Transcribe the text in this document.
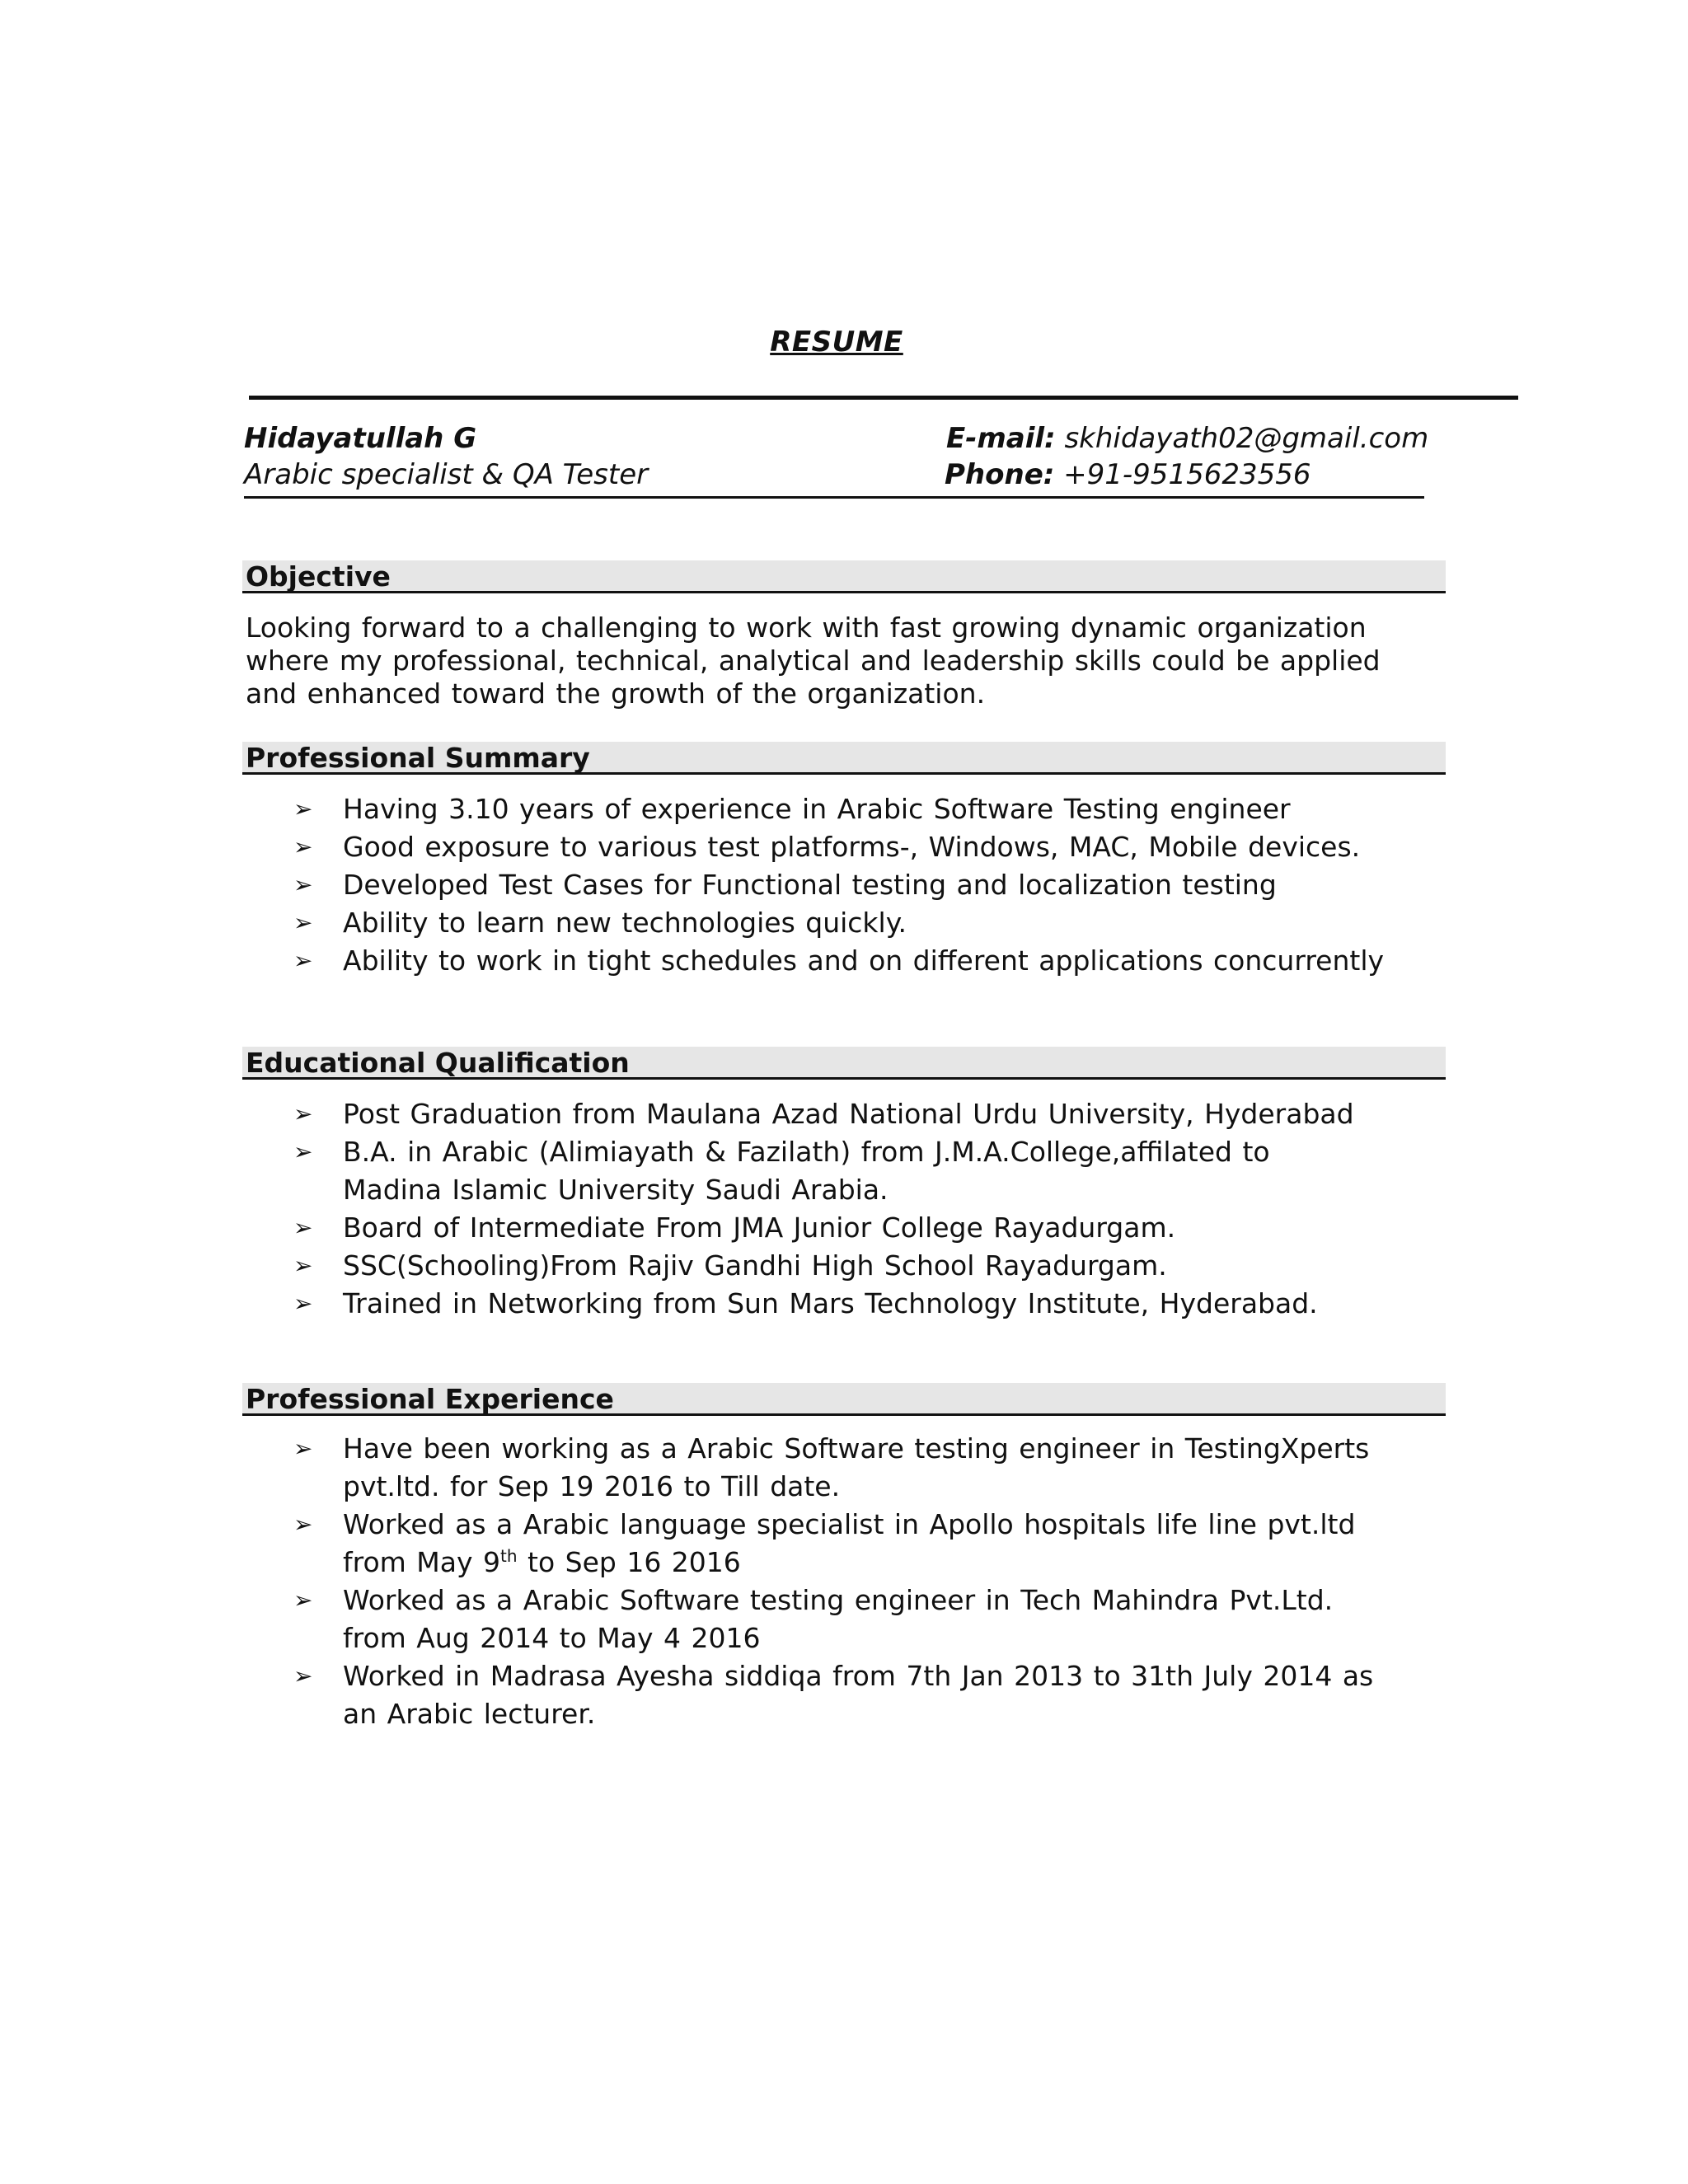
RESUME
Hidayatullah G
Arabic specialist & QA Tester
E-mail: skhidayath02@gmail.com
Phone: +91-9515623556
Objective
Looking forward to a challenging to work with fast growing dynamic organization
where my professional, technical, analytical and leadership skills could be applied
and enhanced toward the growth of the organization.
Professional Summary
➢ Having 3.10 years of experience in Arabic Software Testing engineer
➢ Good exposure to various test platforms-, Windows, MAC, Mobile devices.
➢ Developed Test Cases for Functional testing and localization testing
➢ Ability to learn new technologies quickly.
➢ Ability to work in tight schedules and on different applications concurrently
Educational Qualification
➢ Post Graduation from Maulana Azad National Urdu University, Hyderabad
➢ B.A. in Arabic (Alimiayath & Fazilath) from J.M.A.College,affilated to Madina Islamic University Saudi Arabia.
➢ Board of Intermediate From JMA Junior College Rayadurgam.
➢ SSC(Schooling)From Rajiv Gandhi High School Rayadurgam.
➢ Trained in Networking from Sun Mars Technology Institute, Hyderabad.
Professional Experience
➢ Have been working as a Arabic Software testing engineer in TestingXperts pvt.ltd. for Sep 19 2016 to Till date.
➢ Worked as a Arabic language specialist in Apollo hospitals life line pvt.ltd
from May 9th to Sep 16 2016
➢ Worked as a Arabic Software testing engineer in Tech Mahindra Pvt.Ltd. from Aug 2014 to May 4 2016
➢ Worked in Madrasa Ayesha siddiqa from 7th Jan 2013 to 31th July 2014 as an Arabic lecturer.
